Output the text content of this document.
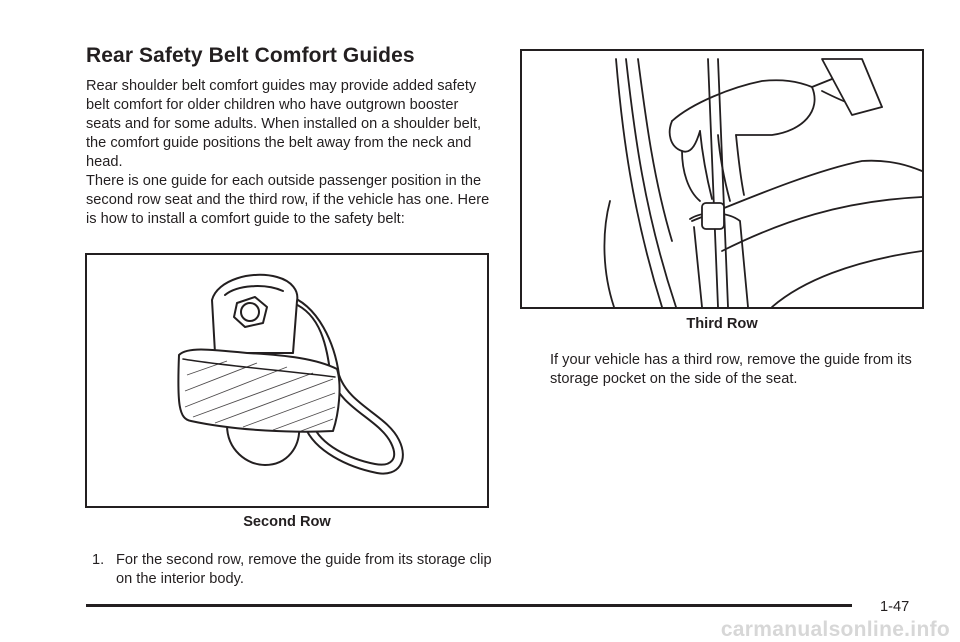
Rear Safety Belt Comfort Guides

Rear shoulder belt comfort guides may provide added safety belt comfort for older children who have outgrown booster seats and for some adults. When installed on a shoulder belt, the comfort guide positions the belt away from the neck and head.

There is one guide for each outside passenger position in the second row seat and the third row, if the vehicle has one. Here is how to install a comfort guide to the safety belt:

Second Row
1. For the second row, remove the guide from its storage clip on the interior body.
Third Row

If your vehicle has a third row, remove the guide from its storage pocket on the side of the seat.

1-47
carmanualsonline.info
